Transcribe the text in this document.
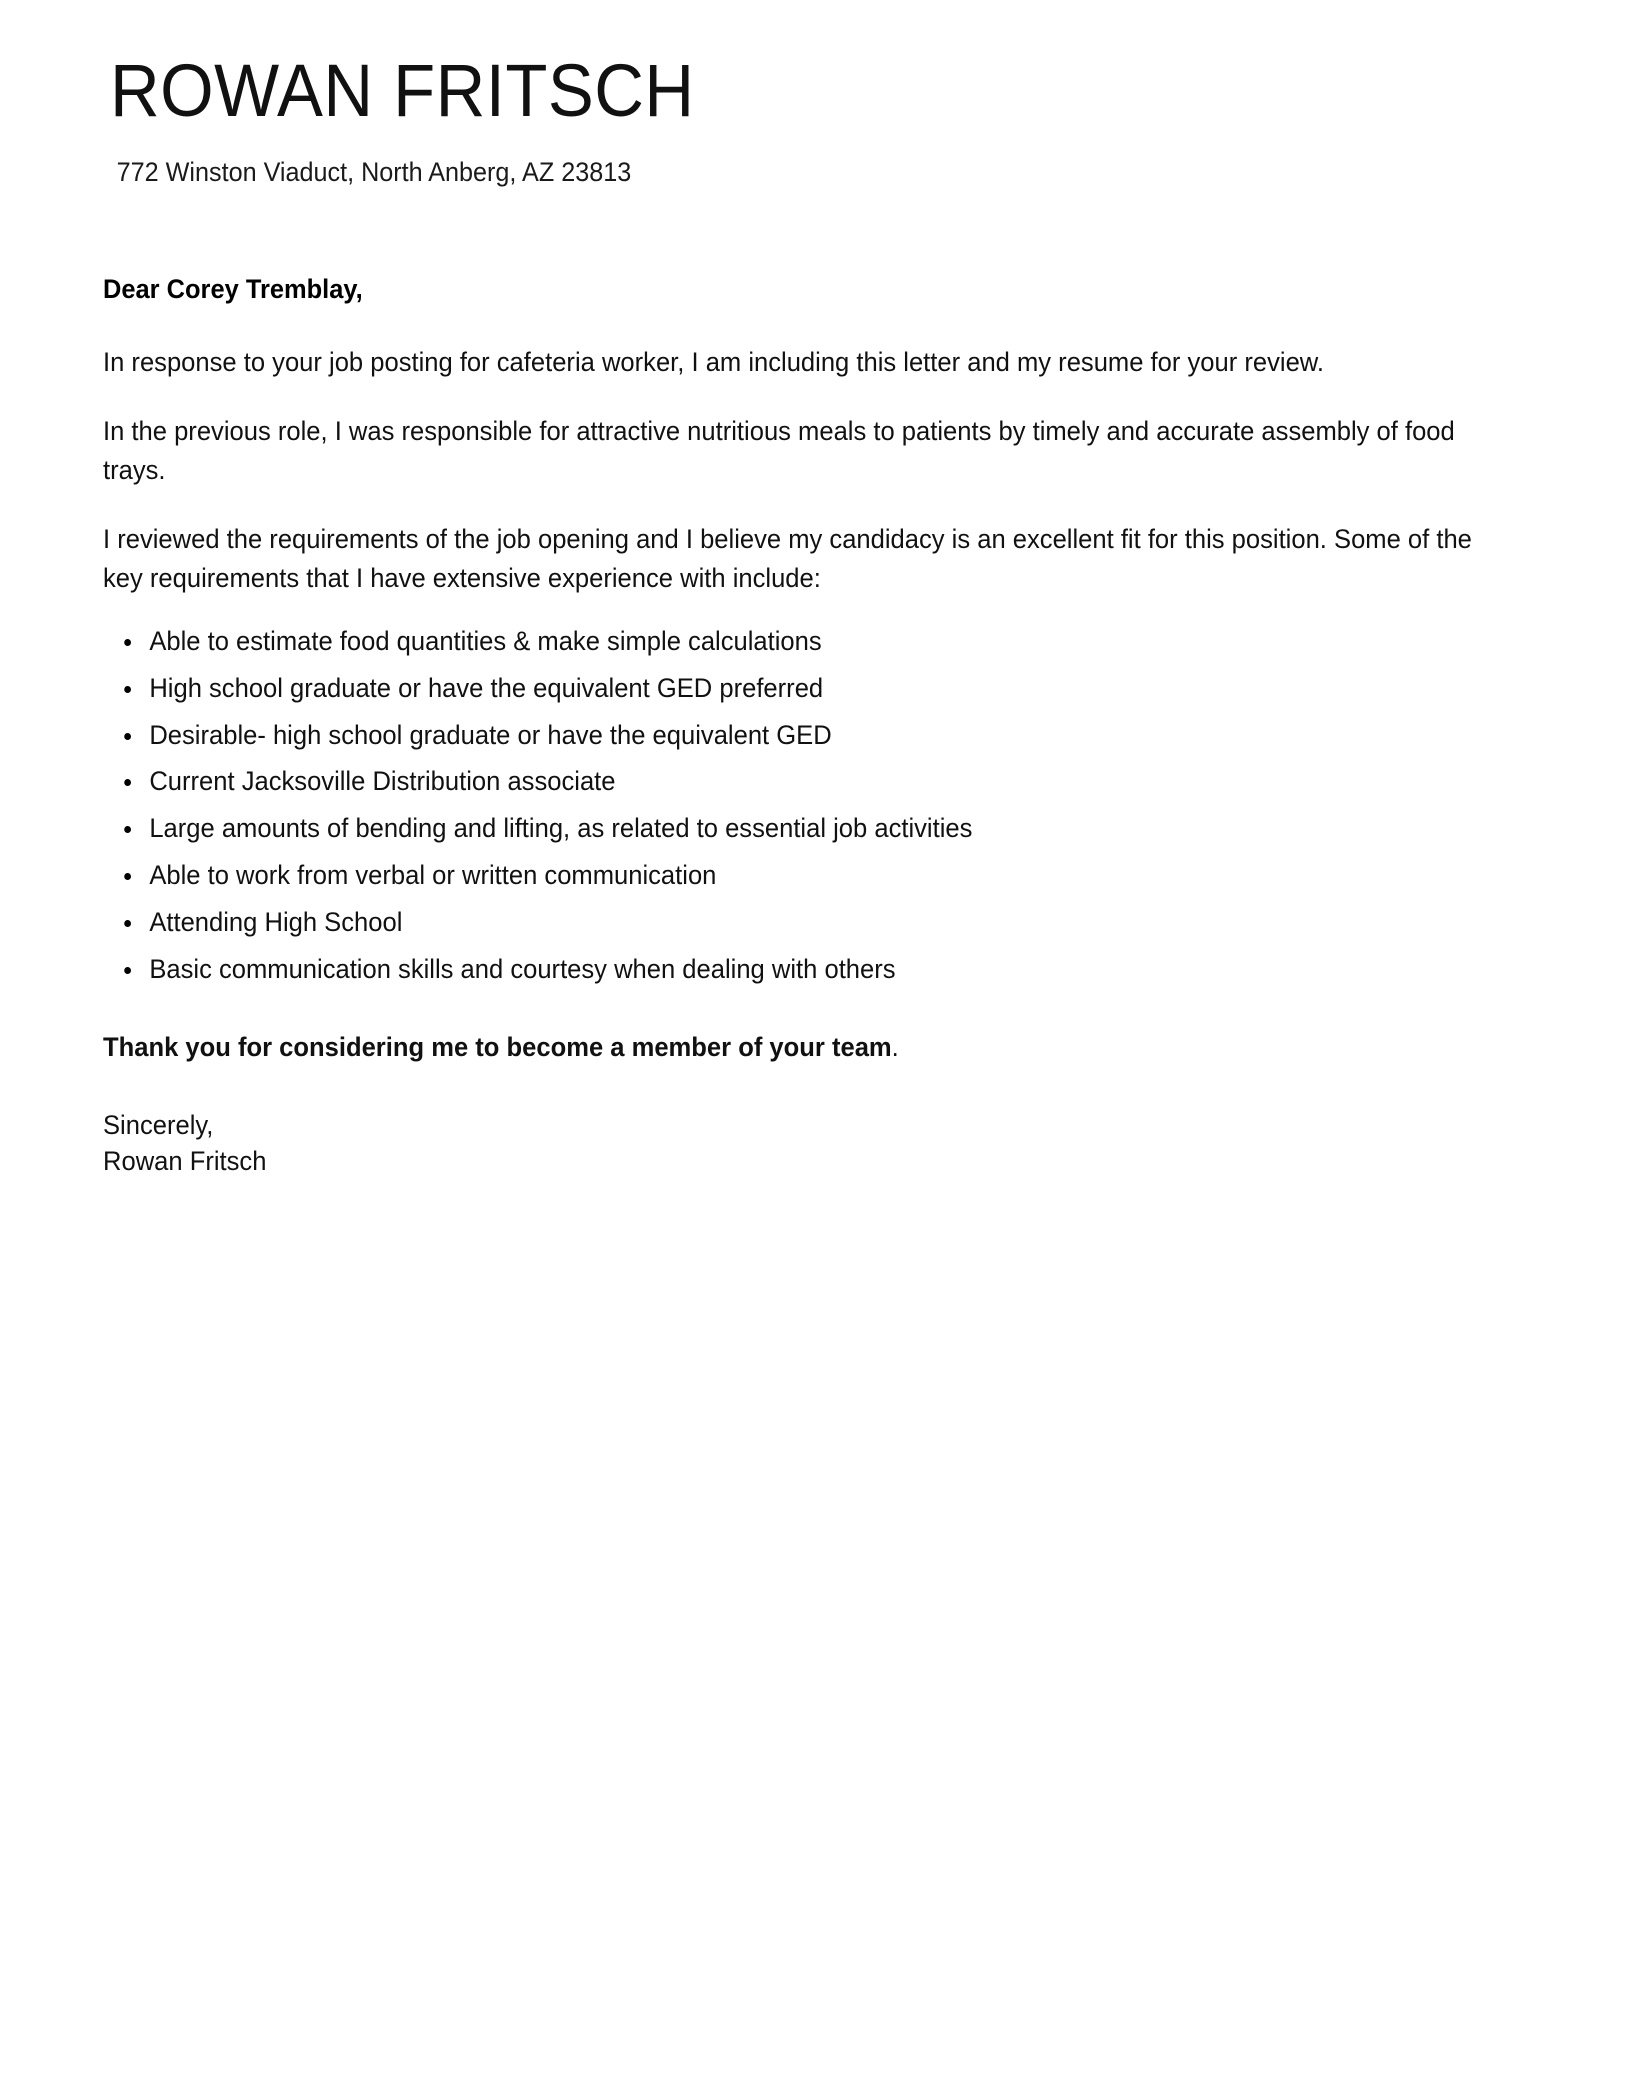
ROWAN FRITSCH
772 Winston Viaduct, North Anberg, AZ 23813
Dear Corey Tremblay,

In response to your job posting for cafeteria worker, I am including this letter and my resume for your review.

In the previous role, I was responsible for attractive nutritious meals to patients by timely and accurate assembly of food trays.

I reviewed the requirements of the job opening and I believe my candidacy is an excellent fit for this position. Some of the key requirements that I have extensive experience with include:

Able to estimate food quantities & make simple calculations
High school graduate or have the equivalent GED preferred
Desirable- high school graduate or have the equivalent GED
Current Jacksoville Distribution associate
Large amounts of bending and lifting, as related to essential job activities
Able to work from verbal or written communication
Attending High School
Basic communication skills and courtesy when dealing with others

Thank you for considering me to become a member of your team.

Sincerely,
Rowan Fritsch
